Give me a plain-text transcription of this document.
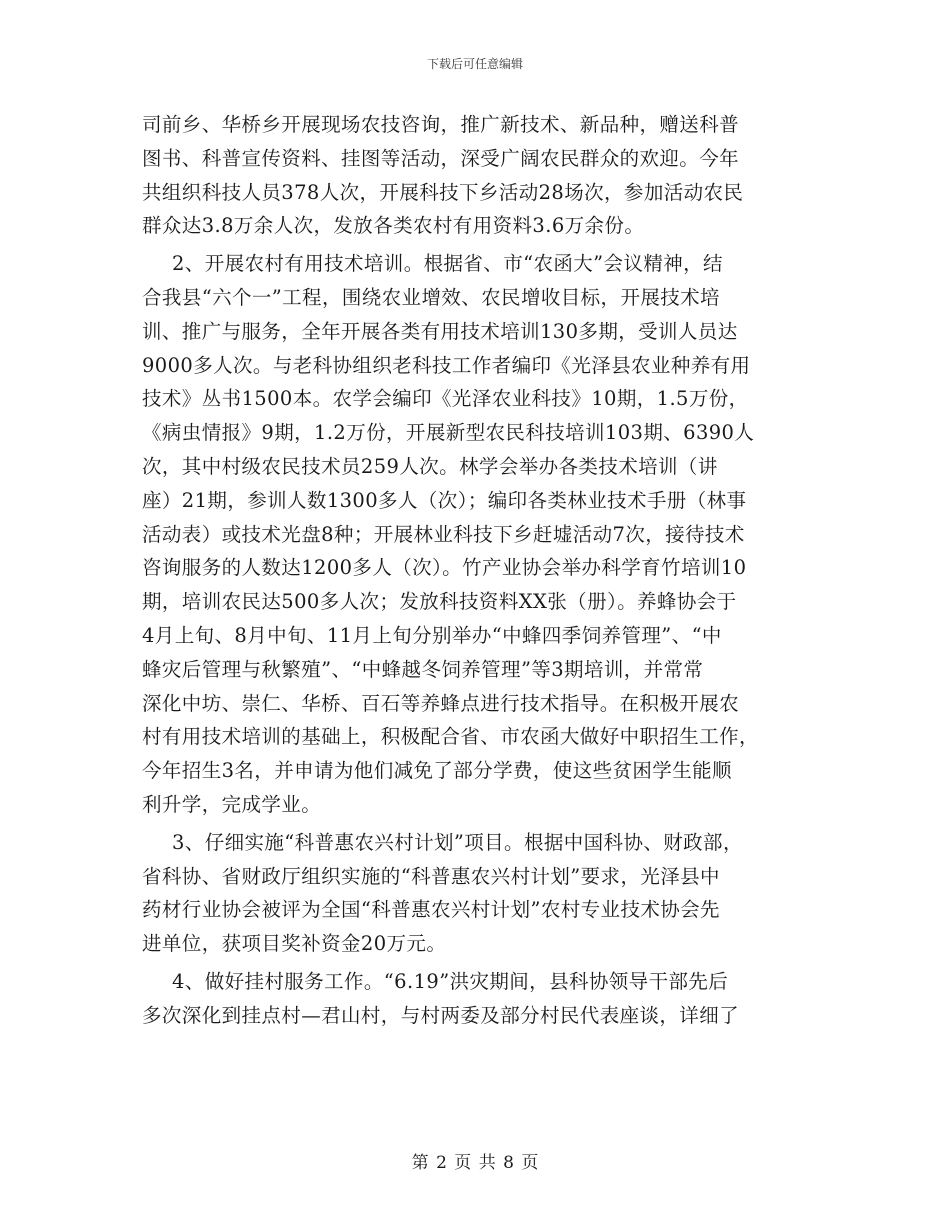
下载后可任意编辑
司前乡、华桥乡开展现场农技咨询，推广新技术、新品种，赠送科普
图书、科普宣传资料、挂图等活动，深受广阔农民群众的欢迎。今年
共组织科技人员378人次，开展科技下乡活动28场次，参加活动农民
群众达3.8万余人次，发放各类农村有用资料3.6万余份。
2、开展农村有用技术培训。根据省、市“农函大”会议精神，结
合我县“六个一”工程，围绕农业增效、农民增收目标，开展技术培
训、推广与服务，全年开展各类有用技术培训130多期，受训人员达
9000多人次。与老科协组织老科技工作者编印《光泽县农业种养有用
技术》丛书1500本。农学会编印《光泽农业科技》10期，1.5万份，
《病虫情报》9期，1.2万份，开展新型农民科技培训103期、6390人
次，其中村级农民技术员259人次。林学会举办各类技术培训（讲
座）21期，参训人数1300多人（次）；编印各类林业技术手册（林事
活动表）或技术光盘8种；开展林业科技下乡赶墟活动7次，接待技术
咨询服务的人数达1200多人（次）。竹产业协会举办科学育竹培训10
期，培训农民达500多人次；发放科技资料XX张（册）。养蜂协会于
4月上旬、8月中旬、11月上旬分别举办“中蜂四季饲养管理”、“中
蜂灾后管理与秋繁殖”、“中蜂越冬饲养管理”等3期培训，并常常
深化中坊、崇仁、华桥、百石等养蜂点进行技术指导。在积极开展农
村有用技术培训的基础上，积极配合省、市农函大做好中职招生工作，
今年招生3名，并申请为他们减免了部分学费，使这些贫困学生能顺
利升学，完成学业。
3、仔细实施“科普惠农兴村计划”项目。根据中国科协、财政部，
省科协、省财政厅组织实施的“科普惠农兴村计划”要求，光泽县中
药材行业协会被评为全国“科普惠农兴村计划”农村专业技术协会先
进单位，获项目奖补资金20万元。
4、做好挂村服务工作。“6.19”洪灾期间，县科协领导干部先后
多次深化到挂点村—君山村，与村两委及部分村民代表座谈，详细了
第 2 页 共 8 页
